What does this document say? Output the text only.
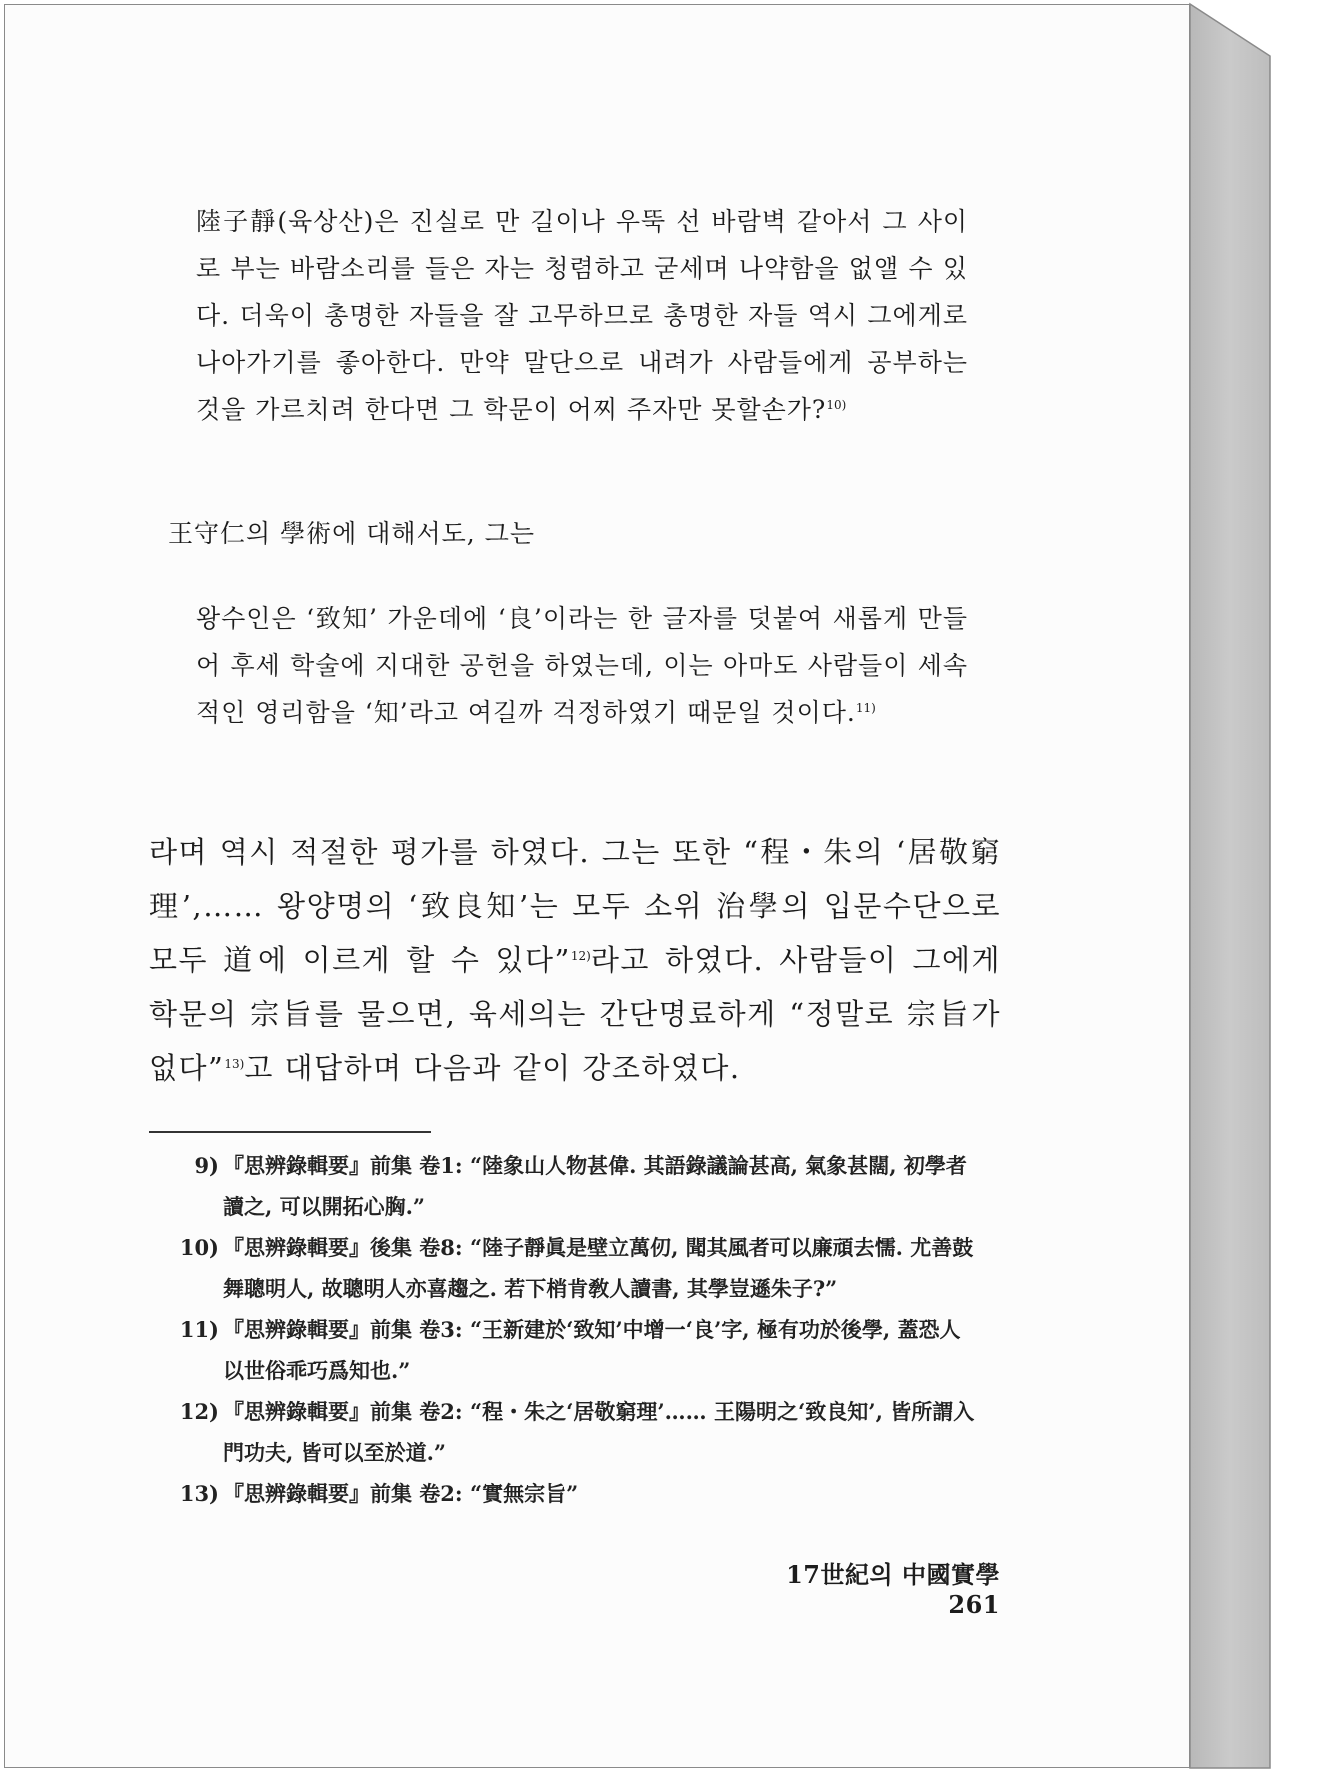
陸子靜(육상산)은 진실로 만 길이나 우뚝 선 바람벽 같아서 그 사이로 부는 바람소리를 들은 자는 청렴하고 굳세며 나약함을 없앨 수 있다. 더욱이 총명한 자들을 잘 고무하므로 총명한 자들 역시 그에게로 나아가기를 좋아한다. 만약 말단으로 내려가 사람들에게 공부하는 것을 가르치려 한다면 그 학문이 어찌 주자만 못할손가?$^{10)}$
王守仁의 學術에 대해서도, 그는
왕수인은 ‘致知’ 가운데에 ‘良’이라는 한 글자를 덧붙여 새롭게 만들어 후세 학술에 지대한 공헌을 하였는데, 이는 아마도 사람들이 세속적인 영리함을 ‘知’라고 여길까 걱정하였기 때문일 것이다.$^{11)}$
라며 역시 적절한 평가를 하였다. 그는 또한 “程・朱의 ‘居敬窮理’,…… 왕양명의 ‘致良知’는 모두 소위 治學의 입문수단으로 모두 道에 이르게 할 수 있다”$^{12)}$라고 하였다. 사람들이 그에게 학문의 宗旨를 물으면, 육세의는 간단명료하게 “정말로 宗旨가 없다”$^{13)}$고 대답하며 다음과 같이 강조하였다.
9) 『思辨錄輯要』前集 卷1: “陸象山人物甚偉. 其語錄議論甚高, 氣象甚闊, 初學者讀之, 可以開拓心胸.”
10) 『思辨錄輯要』後集 卷8: “陸子靜眞是壁立萬仞, 聞其風者可以廉頑去懦. 尤善鼓舞聰明人, 故聰明人亦喜趨之. 若下梢肯敎人讀書, 其學豈遜朱子?”
11) 『思辨錄輯要』前集 卷3: “王新建於‘致知’中增一‘良’字, 極有功於後學, 蓋恐人以世俗乖巧爲知也.”
12) 『思辨錄輯要』前集 卷2: “程・朱之‘居敬窮理’…… 王陽明之‘致良知’, 皆所謂入門功夫, 皆可以至於道.”
13) 『思辨錄輯要』前集 卷2: “實無宗旨”
17世紀의 中國實學261
